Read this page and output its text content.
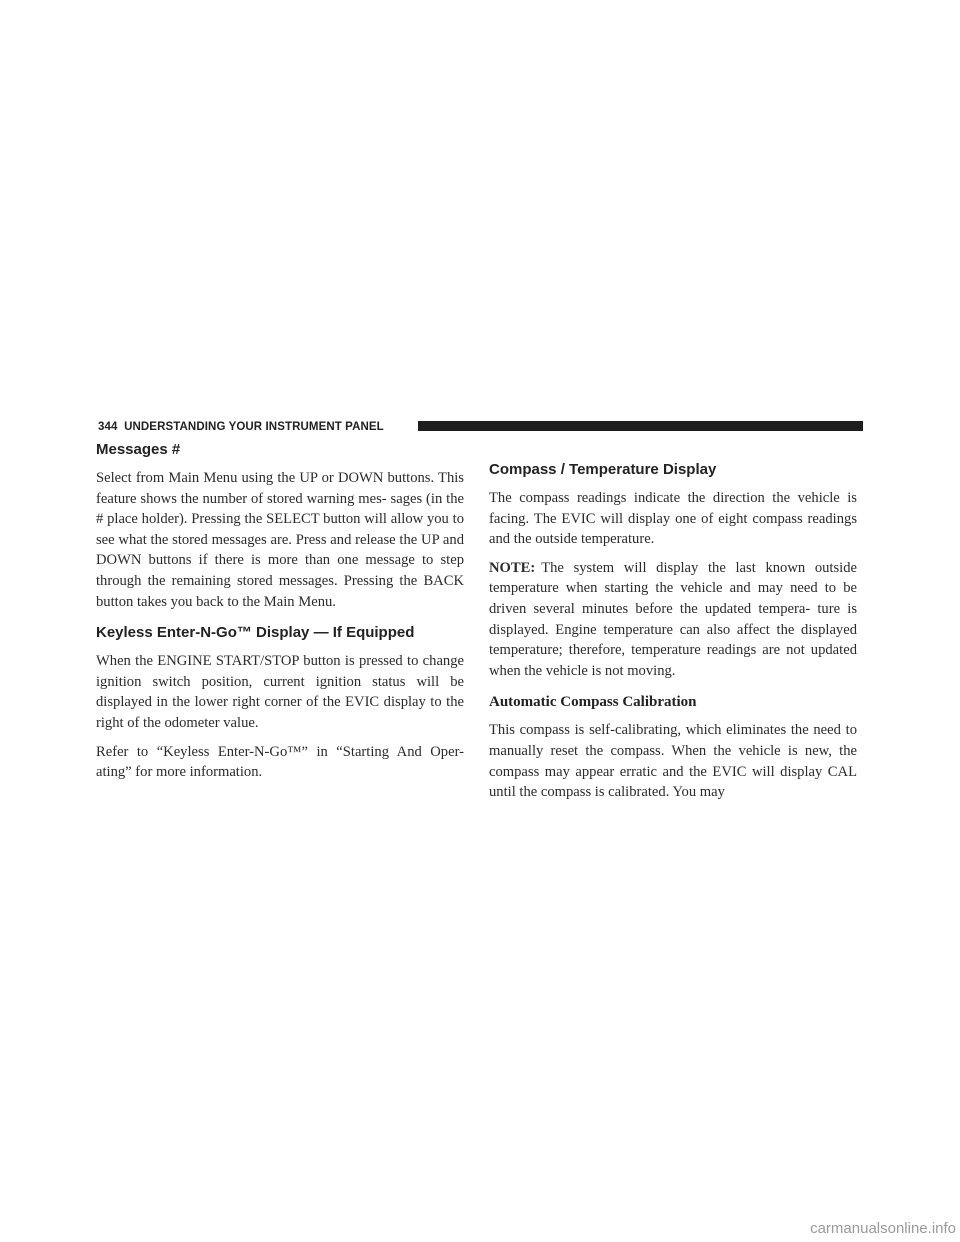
344 UNDERSTANDING YOUR INSTRUMENT PANEL
Messages #

Select from Main Menu using the UP or DOWN buttons. This feature shows the number of stored warning mes- sages (in the # place holder). Pressing the SELECT button will allow you to see what the stored messages are. Press and release the UP and DOWN buttons if there is more than one message to step through the remaining stored messages. Pressing the BACK button takes you back to the Main Menu.

Keyless Enter-N-Go™ Display — If Equipped

When the ENGINE START/STOP button is pressed to change ignition switch position, current ignition status will be displayed in the lower right corner of the EVIC display to the right of the odometer value.

Refer to “Keyless Enter-N-Go™” in “Starting And Oper- ating” for more information.

Compass / Temperature Display

The compass readings indicate the direction the vehicle is facing. The EVIC will display one of eight compass readings and the outside temperature.

NOTE: The system will display the last known outside temperature when starting the vehicle and may need to be driven several minutes before the updated tempera- ture is displayed. Engine temperature can also affect the displayed temperature; therefore, temperature readings are not updated when the vehicle is not moving.

Automatic Compass Calibration

This compass is self-calibrating, which eliminates the need to manually reset the compass. When the vehicle is new, the compass may appear erratic and the EVIC will display CAL until the compass is calibrated. You may

carmanualsonline.info
